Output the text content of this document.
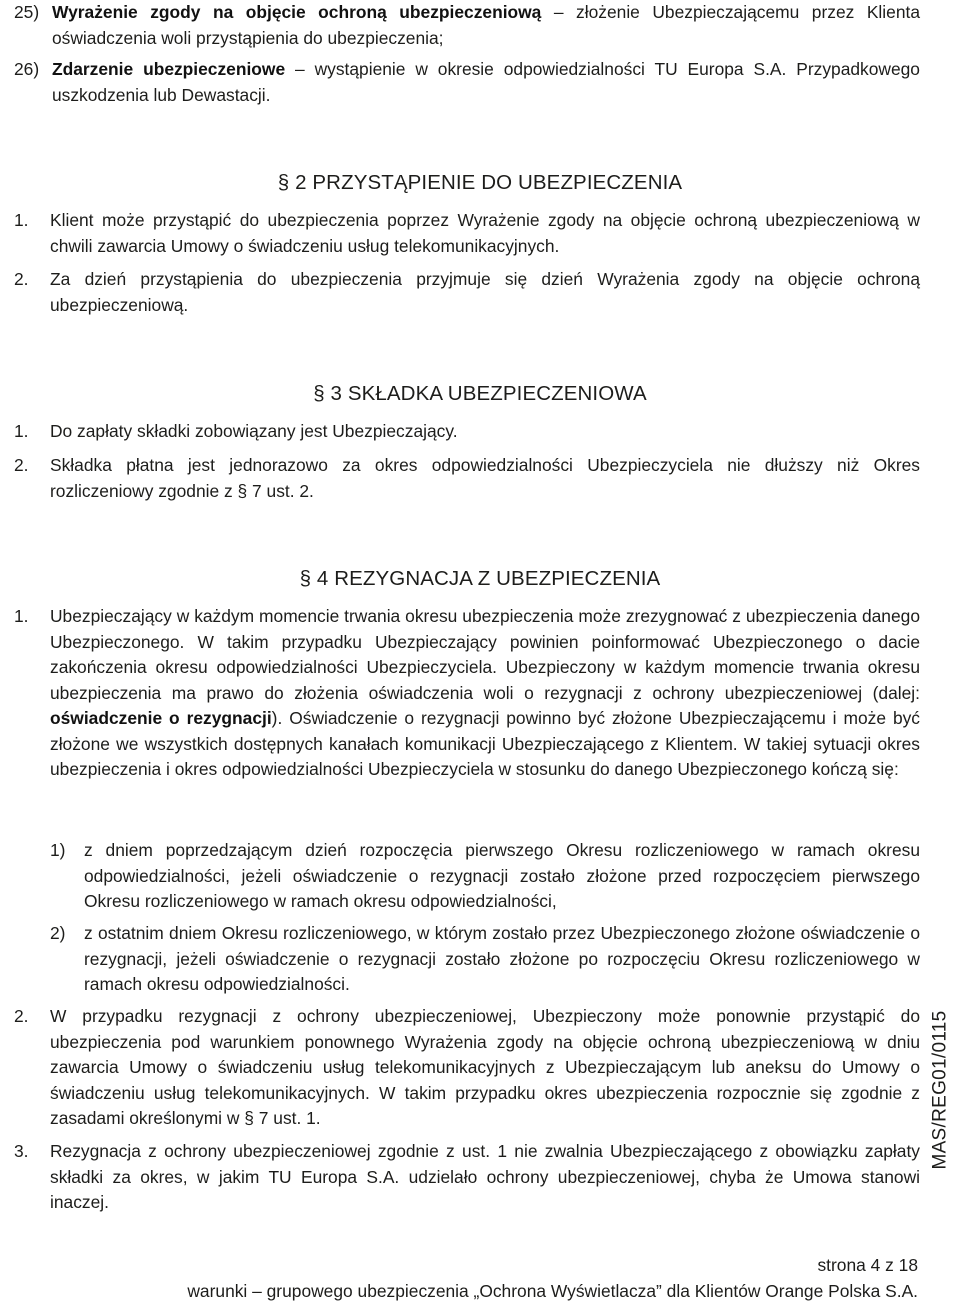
25) Wyrażenie zgody na objęcie ochroną ubezpieczeniową – złożenie Ubezpieczającemu przez Klienta oświadczenia woli przystąpienia do ubezpieczenia;
26) Zdarzenie ubezpieczeniowe – wystąpienie w okresie odpowiedzialności TU Europa S.A. Przypadkowego uszkodzenia lub Dewastacji.
§ 2 PRZYSTĄPIENIE DO UBEZPIECZENIA
1. Klient może przystąpić do ubezpieczenia poprzez Wyrażenie zgody na objęcie ochroną ubezpieczeniową w chwili zawarcia Umowy o świadczeniu usług telekomunikacyjnych.
2. Za dzień przystąpienia do ubezpieczenia przyjmuje się dzień Wyrażenia zgody na objęcie ochroną ubezpieczeniową.
§ 3 SKŁADKA UBEZPIECZENIOWA
1. Do zapłaty składki zobowiązany jest Ubezpieczający.
2. Składka płatna jest jednorazowo za okres odpowiedzialności Ubezpieczyciela nie dłuższy niż Okres rozliczeniowy zgodnie z § 7 ust. 2.
§ 4 REZYGNACJA Z UBEZPIECZENIA
1. Ubezpieczający w każdym momencie trwania okresu ubezpieczenia może zrezygnować z ubezpieczenia danego Ubezpieczonego. W takim przypadku Ubezpieczający powinien poinformować Ubezpieczonego o dacie zakończenia okresu odpowiedzialności Ubezpieczyciela. Ubezpieczony w każdym momencie trwania okresu ubezpieczenia ma prawo do złożenia oświadczenia woli o rezygnacji z ochrony ubezpieczeniowej (dalej: oświadczenie o rezygnacji). Oświadczenie o rezygnacji powinno być złożone Ubezpieczającemu i może być złożone we wszystkich dostępnych kanałach komunikacji Ubezpieczającego z Klientem. W takiej sytuacji okres ubezpieczenia i okres odpowiedzialności Ubezpieczyciela w stosunku do danego Ubezpieczonego kończą się:
1) z dniem poprzedzającym dzień rozpoczęcia pierwszego Okresu rozliczeniowego w ramach okresu odpowiedzialności, jeżeli oświadczenie o rezygnacji zostało złożone przed rozpoczęciem pierwszego Okresu rozliczeniowego w ramach okresu odpowiedzialności,
2) z ostatnim dniem Okresu rozliczeniowego, w którym zostało przez Ubezpieczonego złożone oświadczenie o rezygnacji, jeżeli oświadczenie o rezygnacji zostało złożone po rozpoczęciu Okresu rozliczeniowego w ramach okresu odpowiedzialności.
2. W przypadku rezygnacji z ochrony ubezpieczeniowej, Ubezpieczony może ponownie przystąpić do ubezpieczenia pod warunkiem ponownego Wyrażenia zgody na objęcie ochroną ubezpieczeniową w dniu zawarcia Umowy o świadczeniu usług telekomunikacyjnych z Ubezpieczającym lub aneksu do Umowy o świadczeniu usług telekomunikacyjnych. W takim przypadku okres ubezpieczenia rozpocznie się zgodnie z zasadami określonymi w § 7 ust. 1.
3. Rezygnacja z ochrony ubezpieczeniowej zgodnie z ust. 1 nie zwalnia Ubezpieczającego z obowiązku zapłaty składki za okres, w jakim TU Europa S.A. udzielało ochrony ubezpieczeniowej, chyba że Umowa stanowi inaczej.
MAS/REG01/0115
strona 4 z 18
warunki – grupowego ubezpieczenia „Ochrona Wyświetlacza” dla Klientów Orange Polska S.A.
